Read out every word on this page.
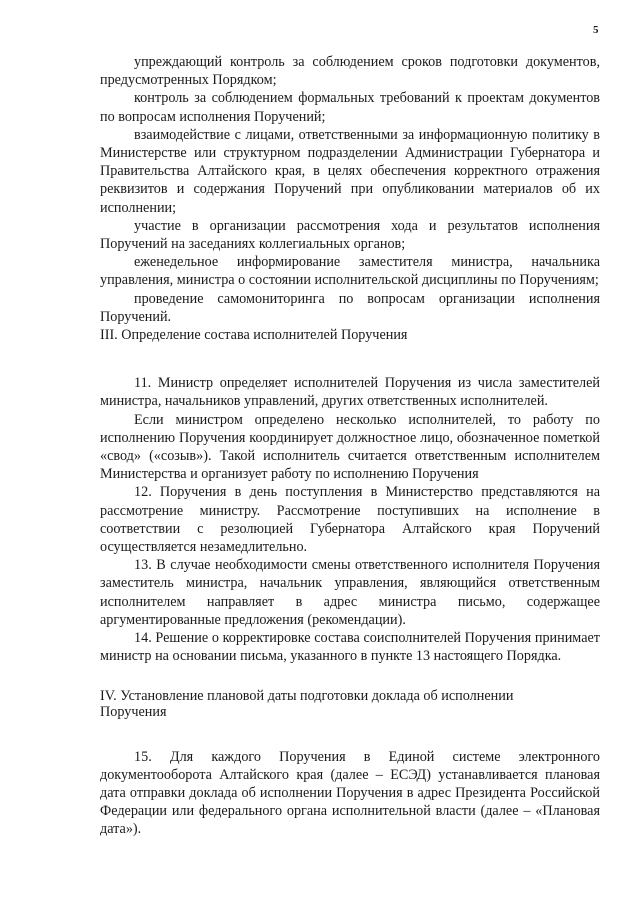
5

упреждающий контроль за соблюдением сроков подготовки документов, предусмотренных Порядком;

контроль за соблюдением формальных требований к проектам документов по вопросам исполнения Поручений;

взаимодействие с лицами, ответственными за информационную политику в Министерстве или структурном подразделении Администрации Губернатора и Правительства Алтайского края, в целях обеспечения корректного отражения реквизитов и содержания Поручений при опубликовании материалов об их исполнении;

участие в организации рассмотрения хода и результатов исполнения Поручений на заседаниях коллегиальных органов;

еженедельное информирование заместителя министра, начальника управления, министра о состоянии исполнительской дисциплины по Поручениям;

проведение самомониторинга по вопросам организации исполнения Поручений.

III. Определение состава исполнителей Поручения

11. Министр определяет исполнителей Поручения из числа заместителей министра, начальников управлений, других ответственных исполнителей.

Если министром определено несколько исполнителей, то работу по исполнению Поручения координирует должностное лицо, обозначенное пометкой «свод» («созыв»). Такой исполнитель считается ответственным исполнителем Министерства и организует работу по исполнению Поручения

12. Поручения в день поступления в Министерство представляются на рассмотрение министру. Рассмотрение поступивших на исполнение в соответствии с резолюцией Губернатора Алтайского края Поручений осуществляется незамедлительно.

13. В случае необходимости смены ответственного исполнителя Поручения заместитель министра, начальник управления, являющийся ответственным исполнителем направляет в адрес министра письмо, содержащее аргументированные предложения (рекомендации).

14. Решение о корректировке состава соисполнителей Поручения принимает министр на основании письма, указанного в пункте 13 настоящего Порядка.

IV. Установление плановой даты подготовки доклада об исполнении
Поручения

15. Для каждого Поручения в Единой системе электронного документооборота Алтайского края (далее – ЕСЭД) устанавливается плановая дата отправки доклада об исполнении Поручения в адрес Президента Российской Федерации или федерального органа исполнительной власти (далее – «Плановая дата»).
